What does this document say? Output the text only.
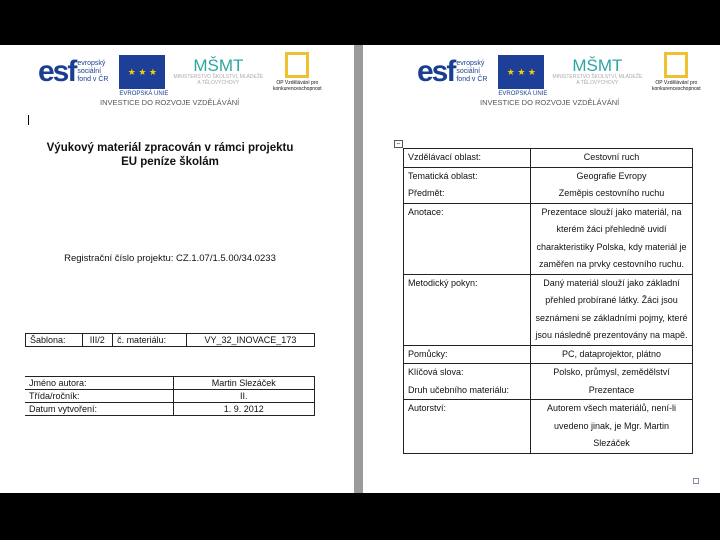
esf evropský sociální fond v ČR
★ ★ ★
EVROPSKÁ UNIE
MŠMT
MINISTERSTVO ŠKOLSTVÍ, MLÁDEŽE A TĚLOVÝCHOVY	OP Vzdělávání pro konkurenceschopnost
INVESTICE DO ROZVOJE VZDĚLÁVÁNÍ
Výukový materiál zpracován v rámci projektu
EU peníze školám
Registrační číslo projektu: CZ.1.07/1.5.00/34.0233
Šablona:	III/2	č. materiálu:	VY_32_INOVACE_173
Jméno autora:	Martin Slezáček
Třída/ročník:	II.
Datum vytvoření:	1. 9. 2012
esf evropský sociální fond v ČR
★ ★ ★
EVROPSKÁ UNIE
MŠMT
MINISTERSTVO ŠKOLSTVÍ, MLÁDEŽE A TĚLOVÝCHOVY	OP Vzdělávání pro konkurenceschopnost
INVESTICE DO ROZVOJE VZDĚLÁVÁNÍ
⇔
Vzdělávací oblast:	Cestovní ruch
Tematická oblast:	Geografie Evropy
Předmět:	Zeměpis cestovního ruchu
Anotace:	Prezentace slouží jako materiál, na kterém žáci přehledně uvidí charakteristiky Polska, kdy materiál je zaměřen na prvky cestovního ruchu.
Metodický pokyn:	Daný materiál slouží jako základní přehled probírané látky. Žáci jsou seznámeni se základními pojmy, které jsou následně prezentovány na mapě.
Pomůcky:	PC, dataprojektor, plátno
Klíčová slova:	Polsko, průmysl, zemědělství
Druh učebního materiálu:	Prezentace
Autorství:	Autorem všech materiálů, není-li uvedeno jinak, je Mgr. Martin Slezáček
